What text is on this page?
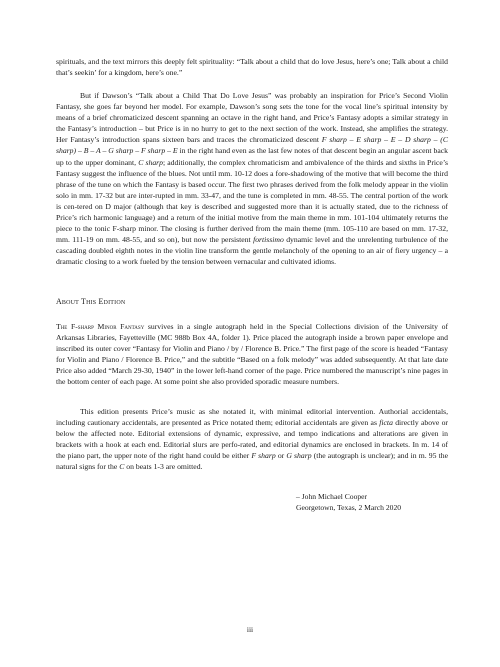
spirituals, and the text mirrors this deeply felt spirituality: “Talk about a child that do love Jesus, here’s one; Talk about a child that’s seekin’ for a kingdom, here’s one.”

But if Dawson’s “Talk about a Child That Do Love Jesus” was probably an inspiration for Price’s Second Violin Fantasy, she goes far beyond her model. For example, Dawson’s song sets the tone for the vocal line’s spiritual intensity by means of a brief chromaticized descent spanning an octave in the right hand, and Price’s Fantasy adopts a similar strategy in the Fantasy’s introduction – but Price is in no hurry to get to the next section of the work. Instead, she amplifies the strategy. Her Fantasy’s introduction spans sixteen bars and traces the chromaticized descent F sharp – E sharp – E – D sharp – (C sharp) – B – A – G sharp – F sharp – E in the right hand even as the last few notes of that descent begin an angular ascent back up to the upper dominant, C sharp; additionally, the complex chromaticism and ambivalence of the thirds and sixths in Price’s Fantasy suggest the influence of the blues. Not until mm. 10-12 does a fore-shadowing of the motive that will become the third phrase of the tune on which the Fantasy is based occur. The first two phrases derived from the folk melody appear in the violin solo in mm. 17-32 but are inter-rupted in mm. 33-47, and the tune is completed in mm. 48-55. The central portion of the work is cen-tered on D major (although that key is described and suggested more than it is actually stated, due to the richness of Price’s rich harmonic language) and a return of the initial motive from the main theme in mm. 101-104 ultimately returns the piece to the tonic F-sharp minor. The closing is further derived from the main theme (mm. 105-110 are based on mm. 17-32, mm. 111-19 on mm. 48-55, and so on), but now the persistent fortissimo dynamic level and the unrelenting turbulence of the cascading doubled eighth notes in the violin line transform the gentle melancholy of the opening to an air of fiery urgency – a dramatic closing to a work fueled by the tension between vernacular and cultivated idioms.

About This Edition

The F-sharp Minor Fantasy survives in a single autograph held in the Special Collections division of the University of Arkansas Libraries, Fayetteville (MC 988b Box 4A, folder 1). Price placed the autograph inside a brown paper envelope and inscribed its outer cover “Fantasy for Violin and Piano / by / Florence B. Price.” The first page of the score is headed “Fantasy for Violin and Piano / Florence B. Price,” and the subtitle “Based on a folk melody” was added subsequently. At that late date Price also added “March 29-30, 1940” in the lower left-hand corner of the page. Price numbered the manuscript’s nine pages in the bottom center of each page. At some point she also provided sporadic measure numbers.

This edition presents Price’s music as she notated it, with minimal editorial intervention. Authorial accidentals, including cautionary accidentals, are presented as Price notated them; editorial accidentals are given as ficta directly above or below the affected note. Editorial extensions of dynamic, expressive, and tempo indications and alterations are given in brackets with a hook at each end. Editorial slurs are perfo-rated, and editorial dynamics are enclosed in brackets. In m. 14 of the piano part, the upper note of the right hand could be either F sharp or G sharp (the autograph is unclear); and in m. 95 the natural signs for the C on beats 1-3 are omitted.

– John Michael Cooper

Georgetown, Texas, 2 March 2020

iii
